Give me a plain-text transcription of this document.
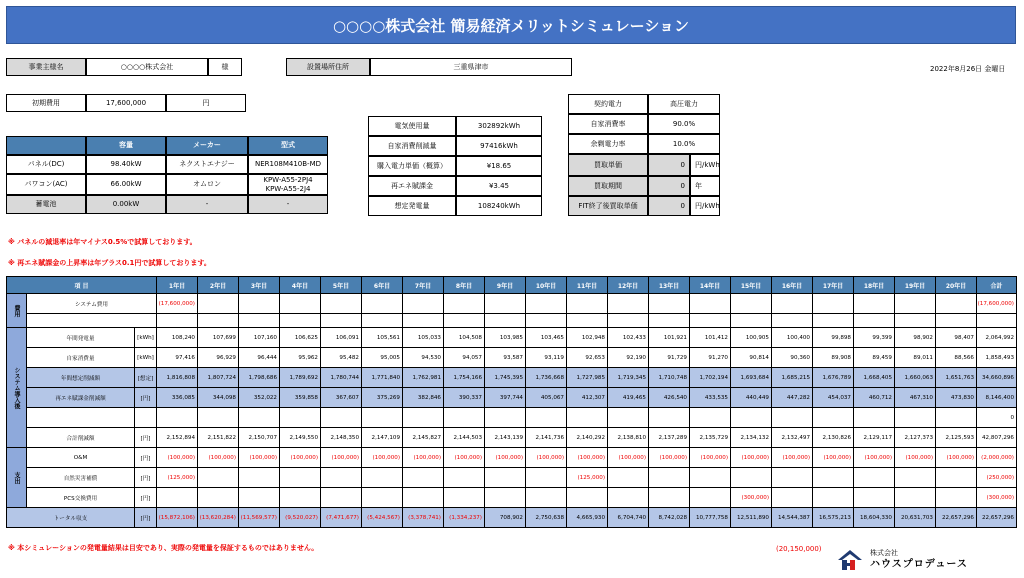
○○○○株式会社 簡易経済メリットシミュレーション
事業主様名	○○○○株式会社	様	設置場所住所	三重県津市	2022年8月26日 金曜日
初期費用	17,600,000	円
容量	メーカー	型式
パネル(DC)	98.40kW	ネクストエナジー	NER108M410B-MD
パワコン(AC)	66.00kW	オムロン
KPW-A55-2PJ4
KPW-A55-2J4
蓄電池	0.00kW	-	-
電気使用量	302892kWh
自家消費削減量	97416kWh
購入電力単価（概算）	¥18.65
再エネ賦課金	¥3.45
想定発電量	108240kWh
契約電力	高圧電力
自家消費率	90.0%
余剰電力率	10.0%
買取単価	0	円/kWh
買取期間	0	年
FIT終了後買取単価	0	円/kWh
※ パネルの減退率は年マイナス0.5%で試算しております。
※ 再エネ賦課金の上昇率は年プラス0.1円で試算しております。
項 目			1年目	2年目	3年目	4年目	5年目	6年目	7年目	8年目	9年目	10年目	11年目	12年目	13年目	14年目	15年目	16年目	17年目	18年目	19年目	20年目	合計
費用	システム費用		(17,600,000)																				(17,600,000)

システム導入後	年間発電量	[kWh]	108,240	107,699	107,160	106,625	106,091	105,561	105,033	104,508	103,985	103,465	102,948	102,433	101,921	101,412	100,905	100,400	99,898	99,399	98,902	98,407	2,064,992
	自家消費量	[kWh]	97,416	96,929	96,444	95,962	95,482	95,005	94,530	94,057	93,587	93,119	92,653	92,190	91,729	91,270	90,814	90,360	89,908	89,459	89,011	88,566	1,858,493
	年間想定削減額	[想定]	1,816,808	1,807,724	1,798,686	1,789,692	1,780,744	1,771,840	1,762,981	1,754,166	1,745,395	1,736,668	1,727,985	1,719,345	1,710,748	1,702,194	1,693,684	1,685,215	1,676,789	1,668,405	1,660,063	1,651,763	34,660,896
	再エネ賦課金削減額	[円]	336,085	344,098	352,022	359,858	367,607	375,269	382,846	390,337	397,744	405,067	412,307	419,465	426,540	433,535	440,449	447,282	454,037	460,712	467,310	473,830	8,146,400
																							0
	合計削減額	[円]	2,152,894	2,151,822	2,150,707	2,149,550	2,148,350	2,147,109	2,145,827	2,144,503	2,143,139	2,141,736	2,140,292	2,138,810	2,137,289	2,135,729	2,134,132	2,132,497	2,130,826	2,129,117	2,127,373	2,125,593	42,807,296
支出	O&M	[円]	(100,000)	(100,000)	(100,000)	(100,000)	(100,000)	(100,000)	(100,000)	(100,000)	(100,000)	(100,000)	(100,000)	(100,000)	(100,000)	(100,000)	(100,000)	(100,000)	(100,000)	(100,000)	(100,000)	(100,000)	(2,000,000)
	自然災害補償	[円]	(125,000)										(125,000)										(250,000)
	PCS交換費用	[円]															(300,000)						(300,000)
トータル収支		[円]	(15,872,106)	(13,620,284)	(11,569,577)	(9,520,027)	(7,471,677)	(5,424,567)	(3,378,741)	(1,334,237)	708,902	2,750,638	4,665,930	6,704,740	8,742,028	10,777,758	12,511,890	14,544,387	16,575,213	18,604,330	20,631,703	22,657,296	22,657,296
※ 本シミュレーションの発電量結果は目安であり、実際の発電量を保証するものではありません。	(20,150,000)	株式会社
ハウスプロデュース
